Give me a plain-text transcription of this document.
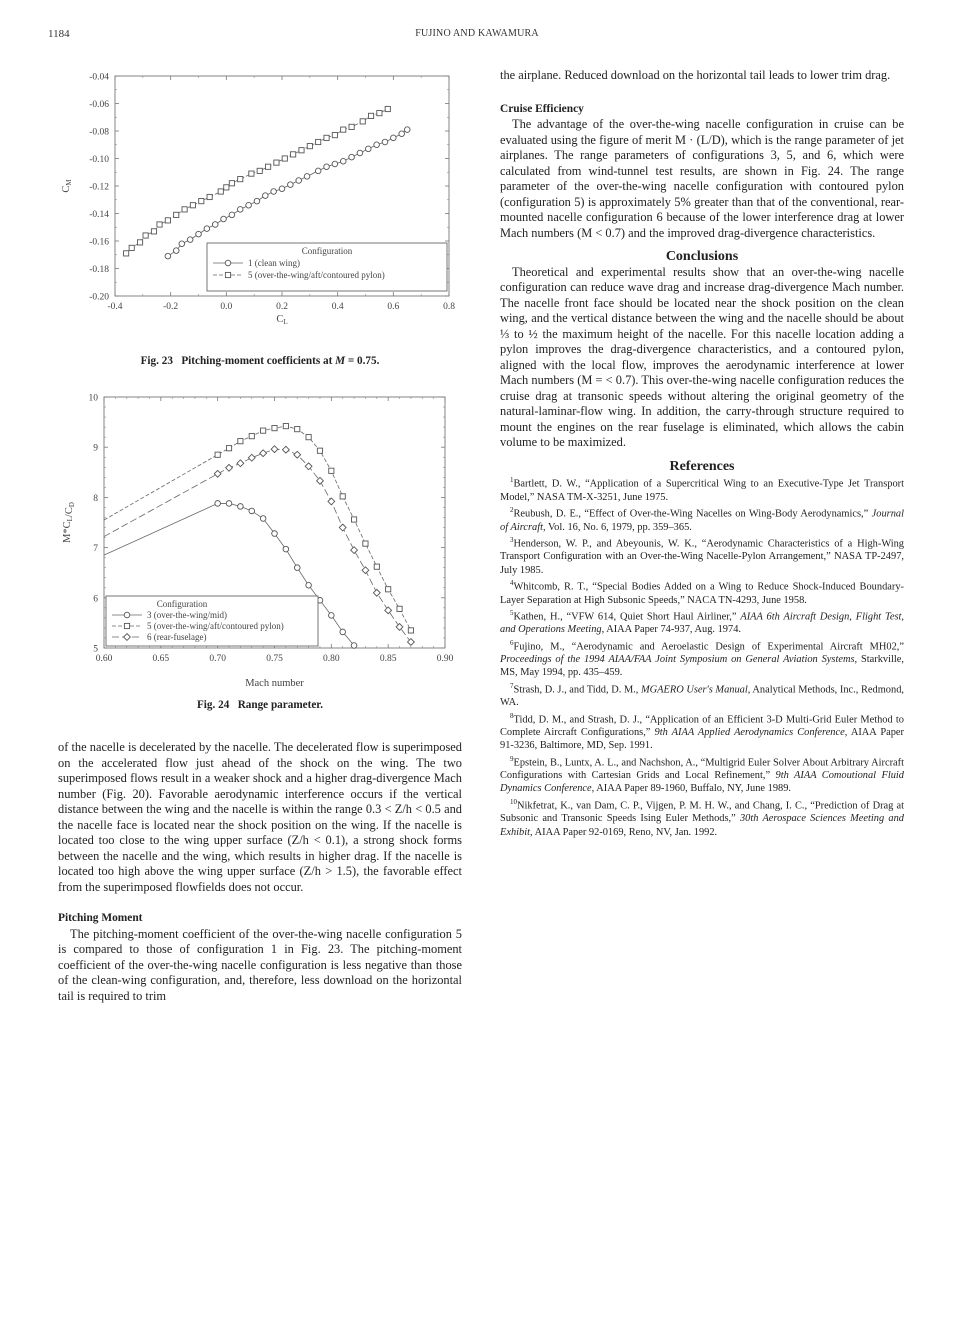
1184	FUJINO AND KAWAMURA
-0.4	-0.2	0.0	0.2	0.4	0.6	0.8
-0.04
-0.06
-0.08
-0.10
-0.12
-0.14
-0.16
-0.18
-0.20
CL
CM
Configuration
1 (clean wing)
5 (over-the-wing/aft/contoured pylon)
Fig. 23 Pitching-moment coefficients at M = 0.75.
0.60	0.65	0.70	0.75	0.80	0.85	0.90
10
9
8
7
6
5
Mach number
M*CL/CD
Configuration
3 (over-the-wing/mid)
5 (over-the-wing/aft/contoured pylon)
6 (rear-fuselage)
Fig. 24 Range parameter.

of the nacelle is decelerated by the nacelle. The decelerated flow is superimposed on the accelerated flow just ahead of the shock on the wing. The two superimposed flows result in a weaker shock and a higher drag-divergence Mach number (Fig. 20). Favorable aerodynamic interference occurs if the vertical distance between the wing and the nacelle is within the range 0.3 < Z/h < 0.5 and the nacelle face is located near the shock position on the wing. If the nacelle is located too close to the wing upper surface (Z/h < 0.1), a strong shock forms between the nacelle and the wing, which results in higher drag. If the nacelle is located too high above the wing upper surface (Z/h > 1.5), the favorable effect from the superimposed flowfields does not occur.

Pitching Moment

The pitching-moment coefficient of the over-the-wing nacelle configuration 5 is compared to those of configuration 1 in Fig. 23. The pitching-moment coefficient of the over-the-wing nacelle configuration is less negative than those of the clean-wing configuration, and, therefore, less download on the horizontal tail is required to trim

the airplane. Reduced download on the horizontal tail leads to lower trim drag.

Cruise Efficiency

The advantage of the over-the-wing nacelle configuration in cruise can be evaluated using the figure of merit M · (L/D), which is the range parameter of jet airplanes. The range parameters of configurations 3, 5, and 6, which were calculated from wind-tunnel test results, are shown in Fig. 24. The range parameter of the over-the-wing nacelle configuration with contoured pylon (configuration 5) is approximately 5% greater than that of the conventional, rear-mounted nacelle configuration 6 because of the lower interference drag at lower Mach numbers (M < 0.7) and the improved drag-divergence characteristics.

Conclusions

Theoretical and experimental results show that an over-the-wing nacelle configuration can reduce wave drag and increase drag-divergence Mach number. The nacelle front face should be located near the shock position on the clean wing, and the vertical distance between the wing and the nacelle should be about ⅓ to ½ the maximum height of the nacelle. For this nacelle location adding a pylon improves the drag-divergence characteristics, and a contoured pylon, aligned with the local flow, improves the aerodynamic interference at lower Mach numbers (M = < 0.7). This over-the-wing nacelle configuration reduces the cruise drag at transonic speeds without altering the original geometry of the natural-laminar-flow wing. In addition, the carry-through structure required to mount the engines on the rear fuselage is eliminated, which allows the cabin volume to be maximized.

References

$^1$Bartlett, D. W., “Application of a Supercritical Wing to an Executive-Type Jet Transport Model,” NASA TM-X-3251, June 1975.

$^2$Reubush, D. E., “Effect of Over-the-Wing Nacelles on Wing-Body Aerodynamics,” Journal of Aircraft, Vol. 16, No. 6, 1979, pp. 359–365.

$^3$Henderson, W. P., and Abeyounis, W. K., “Aerodynamic Characteristics of a High-Wing Transport Configuration with an Over-the-Wing Nacelle-Pylon Arrangement,” NASA TP-2497, July 1985.

$^4$Whitcomb, R. T., “Special Bodies Added on a Wing to Reduce Shock-Induced Boundary-Layer Separation at High Subsonic Speeds,” NACA TN-4293, June 1958.

$^5$Kathen, H., “VFW 614, Quiet Short Haul Airliner,” AIAA 6th Aircraft Design, Flight Test, and Operations Meeting, AIAA Paper 74-937, Aug. 1974.

$^6$Fujino, M., “Aerodynamic and Aeroelastic Design of Experimental Aircraft MH02,” Proceedings of the 1994 AIAA/FAA Joint Symposium on General Aviation Systems, Starkville, MS, May 1994, pp. 435–459.

$^7$Strash, D. J., and Tidd, D. M., MGAERO User's Manual, Analytical Methods, Inc., Redmond, WA.

$^8$Tidd, D. M., and Strash, D. J., “Application of an Efficient 3-D Multi-Grid Euler Method to Complete Aircraft Configurations,” 9th AIAA Applied Aerodynamics Conference, AIAA Paper 91-3236, Baltimore, MD, Sep. 1991.

$^9$Epstein, B., Luntx, A. L., and Nachshon, A., “Multigrid Euler Solver About Arbitrary Aircraft Configurations with Cartesian Grids and Local Refinement,” 9th AIAA Comoutional Fluid Dynamics Conference, AIAA Paper 89-1960, Buffalo, NY, June 1989.

$^{10}$Nikfetrat, K., van Dam, C. P., Vijgen, P. M. H. W., and Chang, I. C., “Prediction of Drag at Subsonic and Transonic Speeds Ising Euler Methods,” 30th Aerospace Sciences Meeting and Exhibit, AIAA Paper 92-0169, Reno, NV, Jan. 1992.
